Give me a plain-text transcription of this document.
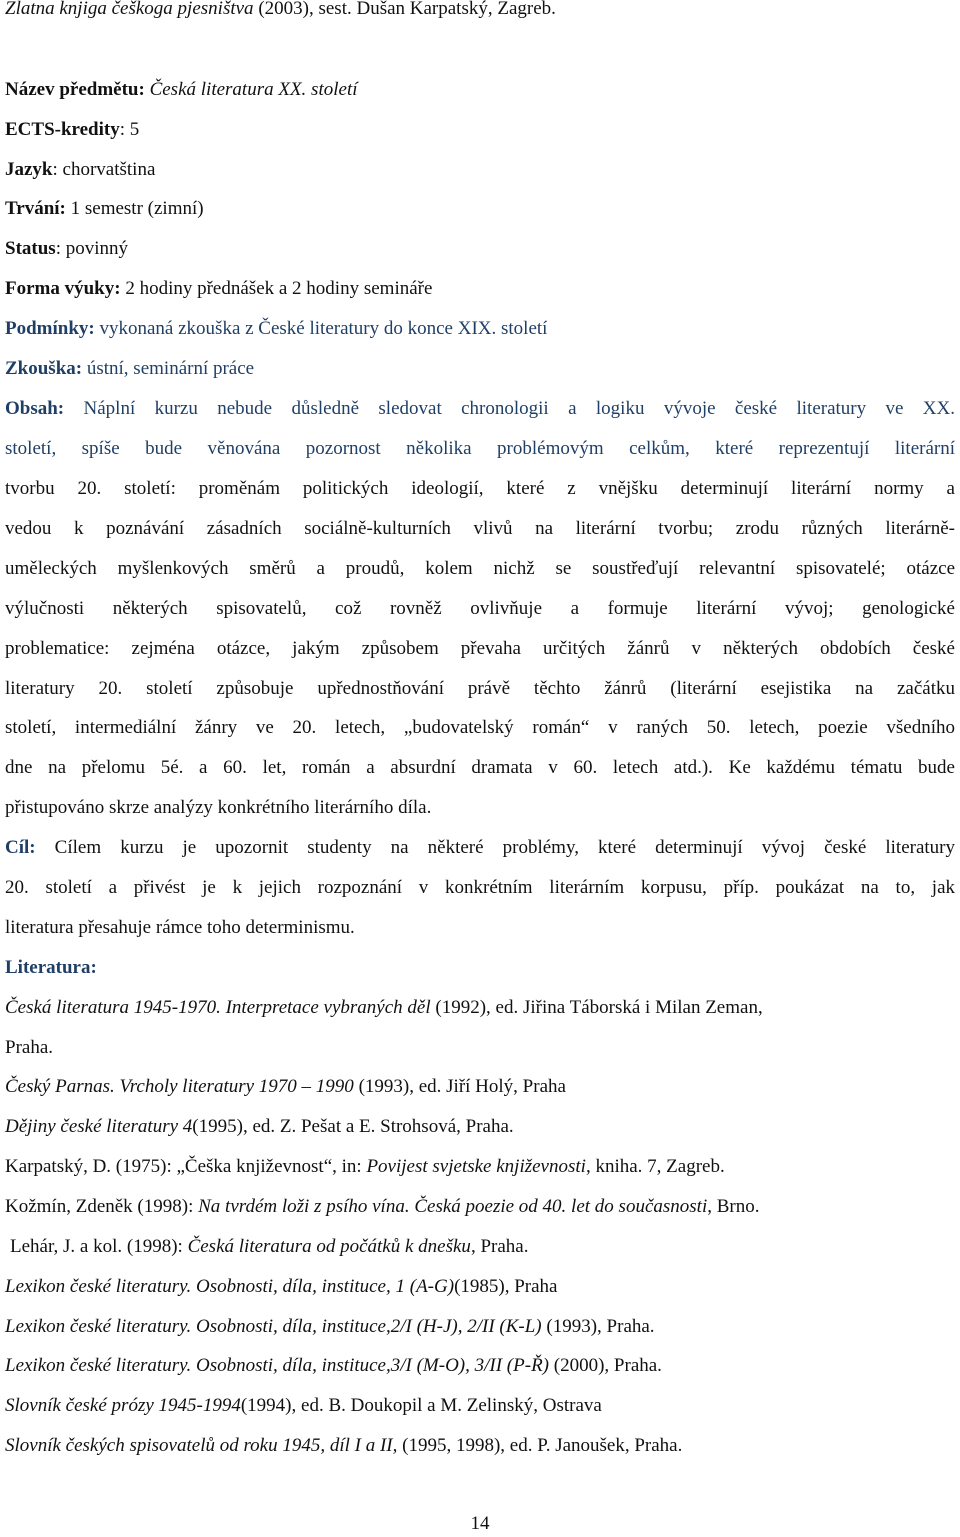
Zlatna knjiga češkoga pjesništva (2003), sest. Dušan Karpatský, Zagreb.
Název předmětu: Česká literatura XX. století
ECTS-kredity: 5
Jazyk: chorvatština
Trvání: 1 semestr (zimní)
Status: povinný
Forma výuky: 2 hodiny přednášek a 2 hodiny semináře
Podmínky: vykonaná zkouška z České literatury do konce XIX. století
Zkouška: ústní, seminární práce
Obsah: Náplní kurzu nebude důsledně sledovat chronologii a logiku vývoje české literatury ve XX.
století, spíše bude věnována pozornost několika problémovým celkům, které reprezentují literární
tvorbu 20. století: proměnám politických ideologií, které z vnějšku determinují literární normy a
vedou k poznávání zásadních sociálně-kulturních vlivů na literární tvorbu; zrodu různých literárně-
uměleckých myšlenkových směrů a proudů, kolem nichž se soustřeďují relevantní spisovatelé; otázce
výlučnosti některých spisovatelů, což rovněž ovlivňuje a formuje literární vývoj; genologické
problematice: zejména otázce, jakým způsobem převaha určitých žánrů v některých obdobích české
literatury 20. století způsobuje upřednostňování právě těchto žánrů (literární esejistika na začátku
století, intermediální žánry ve 20. letech, „budovatelský román“ v raných 50. letech, poezie všedního
dne na přelomu 5é. a 60. let, román a absurdní dramata v 60. letech atd.). Ke každému tématu bude
přistupováno skrze analýzy konkrétního literárního díla.
Cíl: Cílem kurzu je upozornit studenty na některé problémy, které determinují vývoj české literatury
20. století a přivést je k jejich rozpoznání v konkrétním literárním korpusu, příp. poukázat na to, jak
literatura přesahuje rámce toho determinismu.
Literatura:
Česká literatura 1945-1970. Interpretace vybraných děl (1992), ed. Jiřina Táborská i Milan Zeman,
Praha.
Český Parnas. Vrcholy literatury 1970 – 1990 (1993), ed. Jiří Holý, Praha
Dějiny české literatury 4(1995), ed. Z. Pešat a E. Strohsová, Praha.
Karpatský, D. (1975): „Češka književnost“, in: Povijest svjetske književnosti, kniha. 7, Zagreb.
Kožmín, Zdeněk (1998): Na tvrdém loži z psího vína. Česká poezie od 40. let do současnosti, Brno.
Lehár, J. a kol. (1998): Česká literatura od počátků k dnešku, Praha.
Lexikon české literatury. Osobnosti, díla, instituce, 1 (A-G)(1985), Praha
Lexikon české literatury. Osobnosti, díla, instituce,2/I (H-J), 2/II (K-L) (1993), Praha.
Lexikon české literatury. Osobnosti, díla, instituce,3/I (M-O), 3/II (P-Ř) (2000), Praha.
Slovník české prózy 1945-1994(1994), ed. B. Doukopil a M. Zelinský, Ostrava
Slovník českých spisovatelů od roku 1945, díl I a II, (1995, 1998), ed. P. Janoušek, Praha.
14
